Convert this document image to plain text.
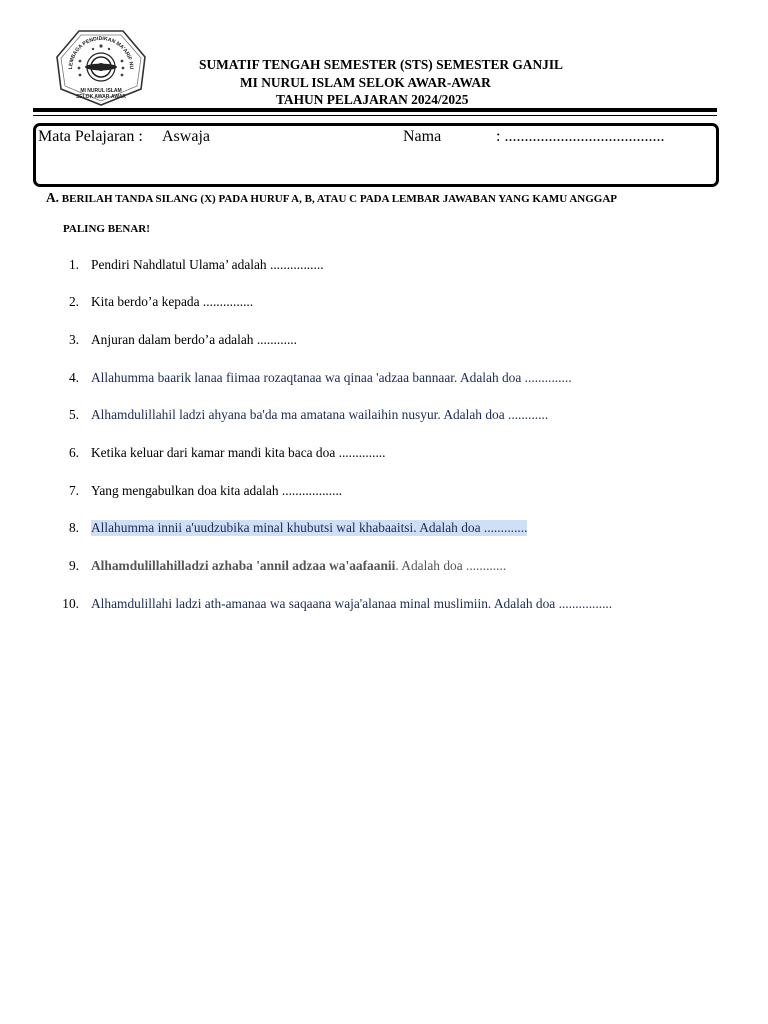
LEMBAGA PENDIDIKAN MA'ARIF NU
MI NURUL ISLAM
SELOK AWAR-AWAR
SUMATIF TENGAH SEMESTER (STS) SEMESTER GANJIL
MI NURUL ISLAM SELOK AWAR-AWAR
TAHUN PELAJARAN 2024/2025
Mata Pelajaran : Aswaja	Nama	: ........................................
A. BERILAH TANDA SILANG (X) PADA HURUF A, B, ATAU C PADA LEMBAR JAWABAN YANG KAMU ANGGAP
PALING BENAR!
1. Pendiri Nahdlatul Ulama’ adalah ................
2. Kita berdo’a kepada ...............
3. Anjuran dalam berdo’a adalah ............
4. Allahumma baarik lanaa fiimaa rozaqtanaa wa qinaa 'adzaa bannaar. Adalah doa ..............
5. Alhamdulillahil ladzi ahyana ba'da ma amatana wailaihin nusyur. Adalah doa ............
6. Ketika keluar dari kamar mandi kita baca doa ..............
7. Yang mengabulkan doa kita adalah ..................
8. Allahumma innii a'uudzubika minal khubutsi wal khabaaitsi. Adalah doa .............
9. Alhamdulillahilladzi azhaba 'annil adzaa wa'aafaanii. Adalah doa ............
10. Alhamdulillahi ladzi ath-amanaa wa saqaana waja'alanaa minal muslimiin. Adalah doa ................
